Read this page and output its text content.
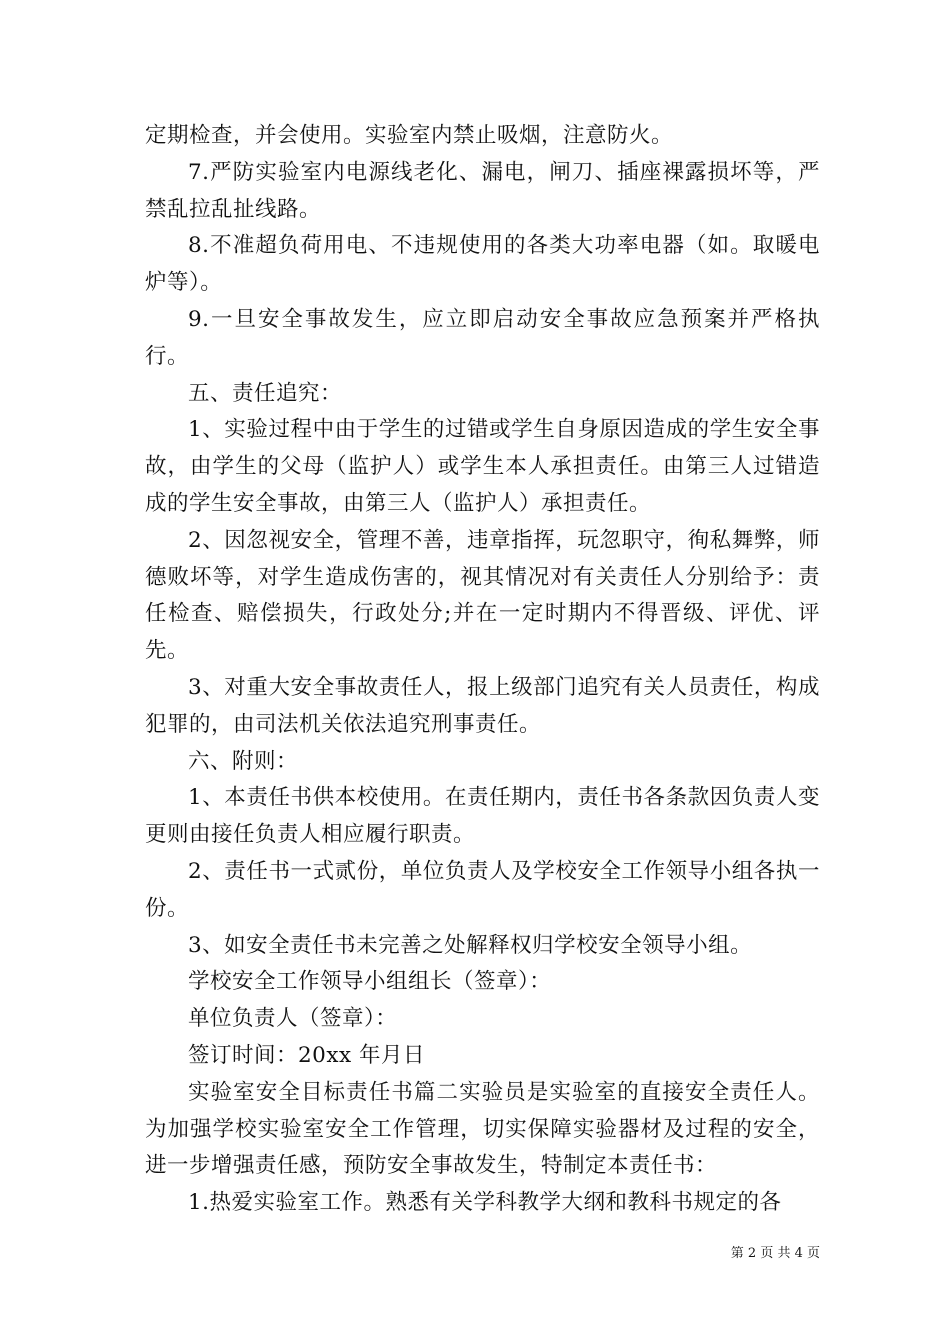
定期检查，并会使用。实验室内禁止吸烟，注意防火。

7.严防实验室内电源线老化、漏电，闸刀、插座裸露损坏等，严禁乱拉乱扯线路。

8.不准超负荷用电、不违规使用的各类大功率电器（如。取暖电炉等）。

9.一旦安全事故发生，应立即启动安全事故应急预案并严格执行。

五、责任追究：

1、实验过程中由于学生的过错或学生自身原因造成的学生安全事故，由学生的父母（监护人）或学生本人承担责任。由第三人过错造成的学生安全事故，由第三人（监护人）承担责任。

2、因忽视安全，管理不善，违章指挥，玩忽职守，徇私舞弊，师德败坏等，对学生造成伤害的，视其情况对有关责任人分别给予：责任检查、赔偿损失，行政处分;并在一定时期内不得晋级、评优、评先。

3、对重大安全事故责任人，报上级部门追究有关人员责任，构成犯罪的，由司法机关依法追究刑事责任。

六、附则：

1、本责任书供本校使用。在责任期内，责任书各条款因负责人变更则由接任负责人相应履行职责。

2、责任书一式贰份，单位负责人及学校安全工作领导小组各执一份。

3、如安全责任书未完善之处解释权归学校安全领导小组。

学校安全工作领导小组组长（签章）：

单位负责人（签章）：

签订时间：20xx 年月日

实验室安全目标责任书篇二实验员是实验室的直接安全责任人。为加强学校实验室安全工作管理，切实保障实验器材及过程的安全，进一步增强责任感，预防安全事故发生，特制定本责任书：

1.热爱实验室工作。熟悉有关学科教学大纲和教科书规定的各

第 2 页 共 4 页
